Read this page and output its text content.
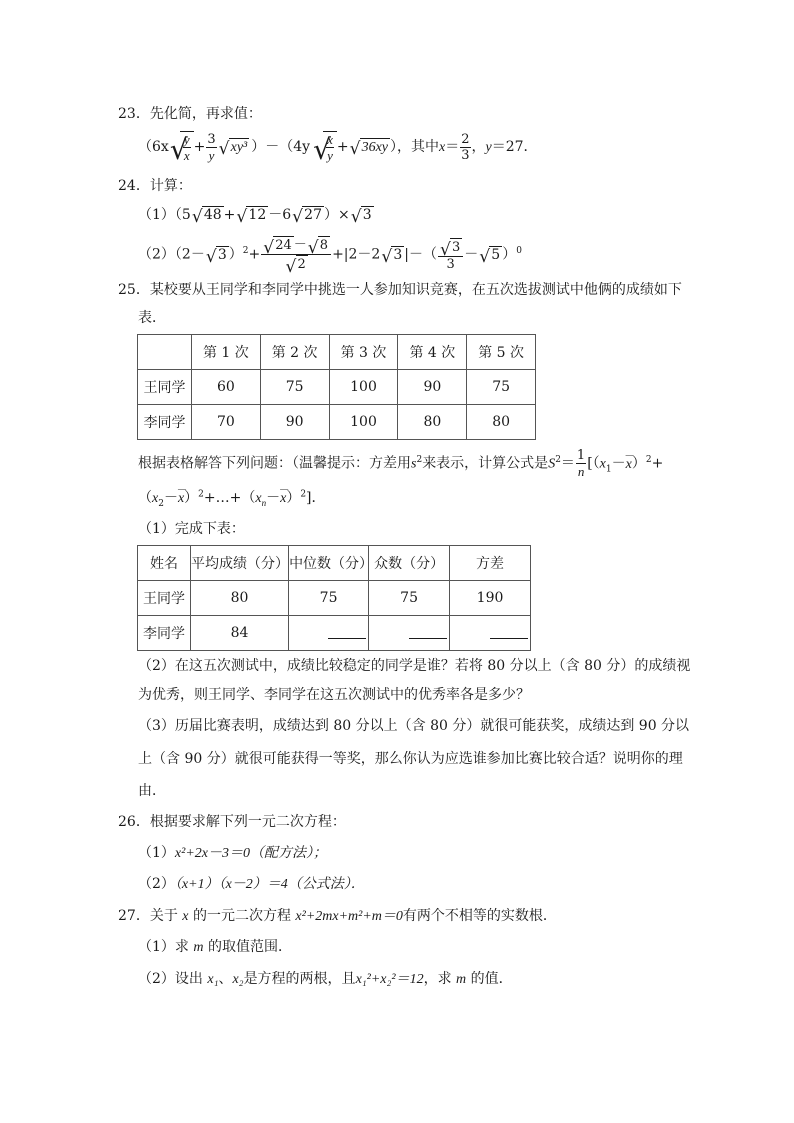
23．先化简，再求值：
（6x √ $\frac{y}{x} + \frac{3}{y}$ √ xy³ ）－（4y √ $\frac{x}{y}$ + √ 36xy ），其中$x= \frac{2}{3}$ ，y＝27．
24．计算：
（1）（5 √ 48 + √ 12 －6 √ 27 ）× √ 3
（2）（2－ √ 3 ）$^2$+ √ 24 － √ 8
√ 2 +|2－2 √ 3 |－（ √ $\frac{3}{3}$ － √ 5 ）$^0$
25．某校要从王同学和李同学中挑选一人参加知识竞赛，在五次选拔测试中他俩的成绩如下
表．
	第 1 次	第 2 次	第 3 次	第 4 次	第 5 次
王同学	60	75	100	90	75
李同学	70	90	100	80	80
根据表格解答下列问题：（温馨提示：方差用$s^2$来表示，计算公式是$S^2= \frac{1}{n}$ [（$x_1-—$ x）$^2$+
（$x_2-—$ $x)^2+\dots+(x_n-—$ x）$^2$]．
（1）完成下表：
姓名	平均成绩（分）	中位数（分）	众数（分）	方差
王同学	80	75	75	190
李同学	84			
（2）在这五次测试中，成绩比较稳定的同学是谁？若将 80 分以上（含 80 分）的成绩视
为优秀，则王同学、李同学在这五次测试中的优秀率各是多少？
（3）历届比赛表明，成绩达到 80 分以上（含 80 分）就很可能获奖，成绩达到 90 分以
上（含 90 分）就很可能获得一等奖，那么你认为应选谁参加比赛比较合适？说明你的理
由．
26．根据要求解下列一元二次方程：
（1）x²+2x－3＝0（配方法）；
（2）（x+1）（x－2）＝4（公式法）．
27．关于 x 的一元二次方程 x²+2mx+m²+m＝0有两个不相等的实数根．
（1）求 m 的取值范围．
（2）设出 x₁、x₂是方程的两根，且x₁²+x₂²＝12，求 m 的值．
